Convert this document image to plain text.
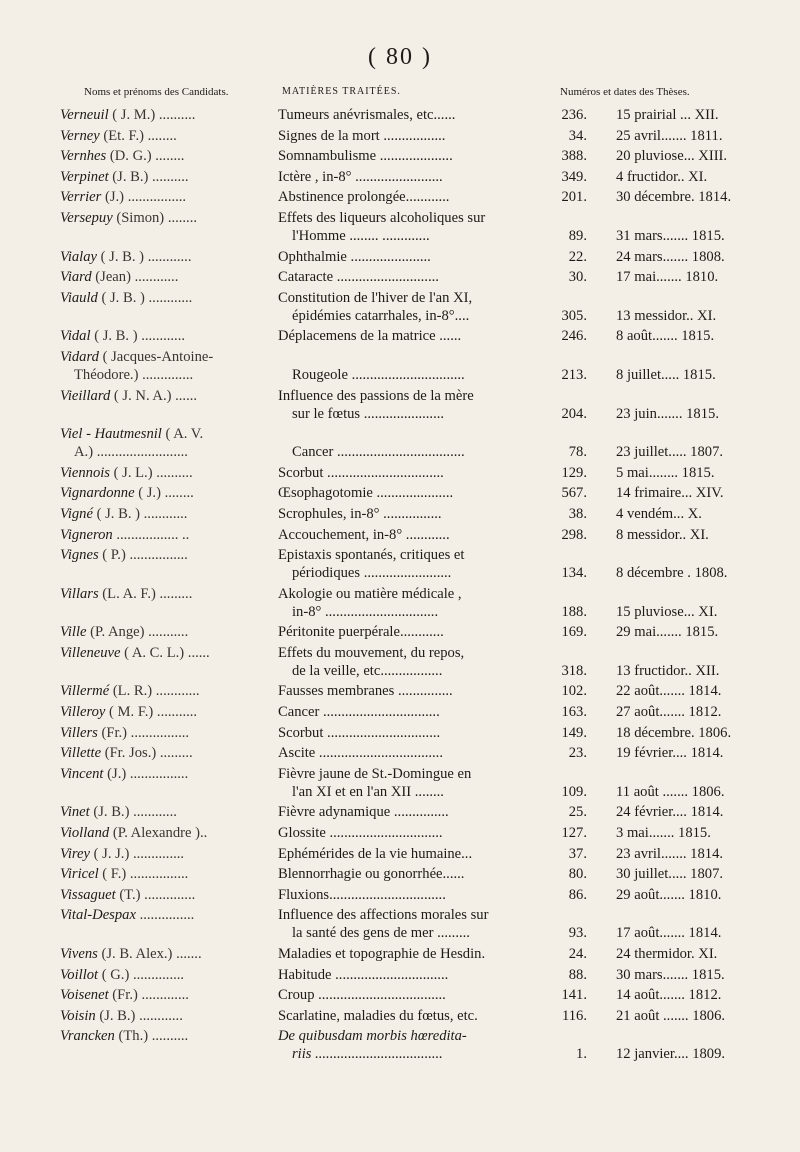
( 80 )
Noms et prénoms des Candidats.	MATIÈRES TRAITÉES.	Numéros et dates des Thèses.
Verneuil ( J. M.) ..........	Tumeurs anévrismales, etc......	236. 15 prairial ... XII.
Verney (Et. F.) ........	Signes de la mort .................	34. 25 avril....... 1811.
Vernhes (D. G.) ........	Somnambulisme ....................	388. 20 pluviose... XIII.
Verpinet (J. B.) ..........	Ictère , in-8° ........................	349. 4 fructidor.. XI.
Verrier (J.) ................	Abstinence prolongée............	201. 30 décembre. 1814.
Versepuy (Simon) ........	Effets des liqueurs alcoholiques sur
l'Homme ........ .............	89. 31 mars....... 1815.
Vialay ( J. B. ) ............	Ophthalmie ......................	22. 24 mars....... 1808.
Viard (Jean) ............	Cataracte ............................	30. 17 mai....... 1810.
Viauld ( J. B. ) ............	Constitution de l'hiver de l'an XI,
épidémies catarrhales, in-8°....	305. 13 messidor.. XI.
Vidal ( J. B. ) ............	Déplacemens de la matrice ......	246. 8 août....... 1815.
Vidard ( Jacques-Antoine-
Théodore.) ..............
	Rougeole ...............................	213. 8 juillet..... 1815.
Vieillard ( J. N. A.) ......	Influence des passions de la mère
sur le fœtus ......................	204. 23 juin....... 1815.
Viel - Hautmesnil ( A. V.
A.) .........................
	Cancer ...................................	78. 23 juillet..... 1807.
Viennois ( J. L.) ..........	Scorbut ................................	129. 5 mai........ 1815.
Vignardonne ( J.) ........	Œsophagotomie .....................	567. 14 frimaire... XIV.
Vigné ( J. B. ) ............	Scrophules, in-8° ................	38. 4 vendém... X.
Vigneron ................. ..	Accouchement, in-8° ............	298. 8 messidor.. XI.
Vignes ( P.) ................	Epistaxis spontanés, critiques et
périodiques ........................	134. 8 décembre . 1808.
Villars (L. A. F.) .........	Akologie ou matière médicale ,
in-8° ...............................	188. 15 pluviose... XI.
Ville (P. Ange) ...........	Péritonite puerpérale............	169. 29 mai....... 1815.
Villeneuve ( A. C. L.) ......	Effets du mouvement, du repos,
de la veille, etc.................	318. 13 fructidor.. XII.
Villermé (L. R.) ............	Fausses membranes ...............	102. 22 août....... 1814.
Villeroy ( M. F.) ...........	Cancer ................................	163. 27 août....... 1812.
Villers (Fr.) ................	Scorbut ...............................	149. 18 décembre. 1806.
Villette (Fr. Jos.) .........	Ascite ..................................	23. 19 février.... 1814.
Vincent (J.) ................	Fièvre jaune de St.-Domingue en
l'an XI et en l'an XII ........	109. 11 août ....... 1806.
Vinet (J. B.) ............	Fièvre adynamique ...............	25. 24 février.... 1814.
Violland (P. Alexandre )..	Glossite ...............................	127. 3 mai....... 1815.
Virey ( J. J.) ..............	Ephémérides de la vie humaine...	37. 23 avril....... 1814.
Viricel ( F.) ................	Blennorrhagie ou gonorrhée......	80. 30 juillet..... 1807.
Vissaguet (T.) ..............	Fluxions................................	86. 29 août....... 1810.
Vital-Despax ...............	Influence des affections morales sur
la santé des gens de mer .........	93. 17 août....... 1814.
Vivens (J. B. Alex.) .......	Maladies et topographie de Hesdin.	24. 24 thermidor. XI.
Voillot ( G.) ..............	Habitude ...............................	88. 30 mars....... 1815.
Voisenet (Fr.) .............	Croup ...................................	141. 14 août....... 1812.
Voisin (J. B.) ............	Scarlatine, maladies du fœtus, etc.	116. 21 août ....... 1806.
Vrancken (Th.) ..........	De quibusdam morbis hœredita-
riis ...................................	1. 12 janvier.... 1809.
